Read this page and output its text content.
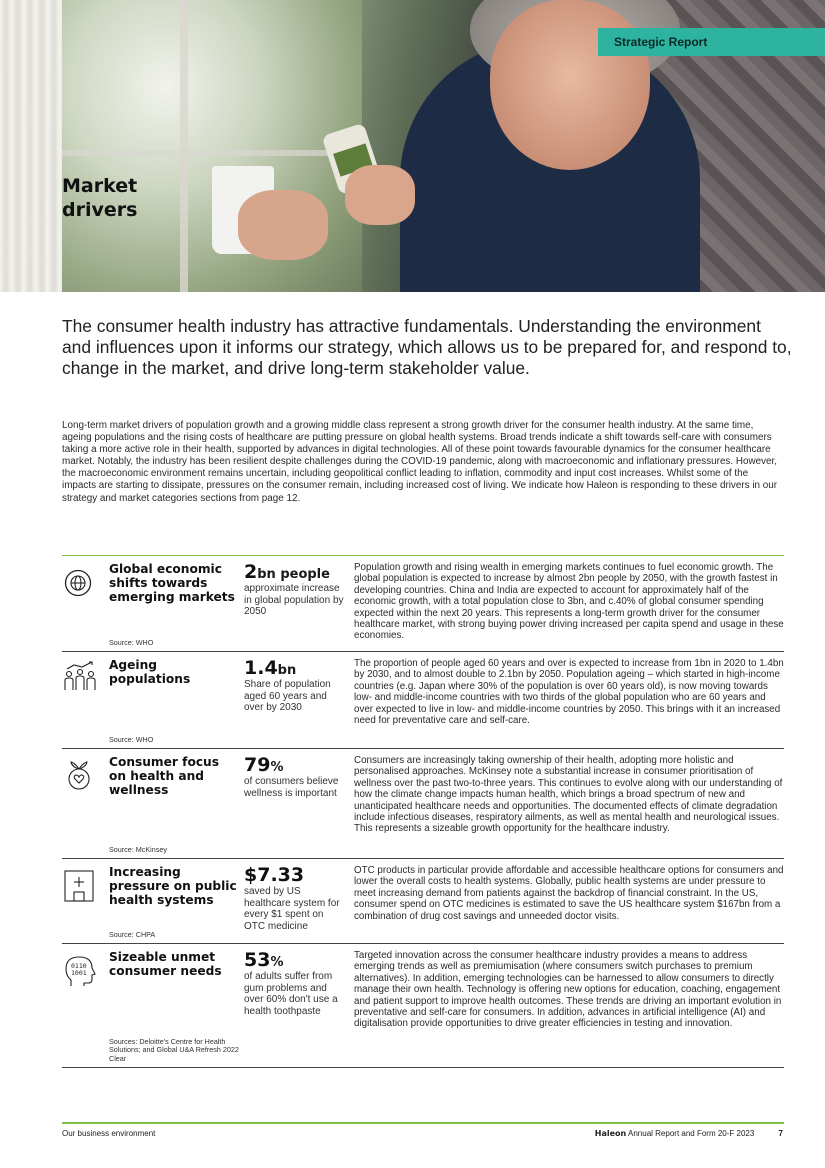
Strategic Report
Market
drivers
The consumer health industry has attractive fundamentals. Understanding the environment and influences upon it informs our strategy, which allows us to be prepared for, and respond to, change in the market, and drive long-term stakeholder value.
Long-term market drivers of population growth and a growing middle class represent a strong growth driver for the consumer health industry. At the same time, ageing populations and the rising costs of healthcare are putting pressure on global health systems. Broad trends indicate a shift towards self-care with consumers taking a more active role in their health, supported by advances in digital technologies. All of these point towards favourable dynamics for the consumer healthcare market. Notably, the industry has been resilient despite challenges during the COVID-19 pandemic, along with macroeconomic and inflationary pressures. However, the macroeconomic environment remains uncertain, including geopolitical conflict leading to inflation, commodity and input cost increases. Whilst some of the impacts are starting to dissipate, pressures on the consumer remain, including increased cost of living. We indicate how Haleon is responding to these drivers in our strategy and market categories sections from page 12.
Global economic shifts towards emerging markets
Source: WHO
2bn people
approximate increase in global population by 2050
Population growth and rising wealth in emerging markets continues to fuel economic growth. The global population is expected to increase by almost 2bn people by 2050, with the growth fastest in developing countries. China and India are expected to account for approximately half of the economic growth, with a total population close to 3bn, and c.40% of global consumer spending expected within the next 20 years. This represents a long-term growth driver for the consumer healthcare market, with strong buying power driving increased per capita spend and usage in these economies.
Ageing populations
Source: WHO
1.4bn
Share of population aged 60 years and over by 2030
The proportion of people aged 60 years and over is expected to increase from 1bn in 2020 to 1.4bn by 2030, and to almost double to 2.1bn by 2050. Population ageing – which started in high-income countries (e.g. Japan where 30% of the population is over 60 years old), is now moving towards low- and middle-income countries with two thirds of the global population who are 60 years and over expected to live in low- and middle-income countries by 2050. This brings with it an increased need for preventative care and self-care.
Consumer focus on health and wellness
Source: McKinsey
79%
of consumers believe wellness is important
Consumers are increasingly taking ownership of their health, adopting more holistic and personalised approaches. McKinsey note a substantial increase in consumer prioritisation of wellness over the past two-to-three years. This continues to evolve along with our understanding of how the climate change impacts human health, which brings a broad spectrum of new and unanticipated healthcare needs and opportunities. The documented effects of climate degradation include infectious diseases, respiratory ailments, as well as mental health and neurological issues. This represents a sizeable growth opportunity for the healthcare industry.
Increasing pressure on public health systems
Source: CHPA
$7.33
saved by US healthcare system for every $1 spent on OTC medicine
OTC products in particular provide affordable and accessible healthcare options for consumers and lower the overall costs to health systems. Globally, public health systems are under pressure to meet increasing demand from patients against the backdrop of financial constraint. In the US, consumer spend on OTC medicines is estimated to save the US healthcare system $167bn from a combination of drug cost savings and unneeded doctor visits.
0110
1001
Sizeable unmet consumer needs
Sources: Deloitte's Centre for Health Solutions; and Global U&A Refresh 2022 Clear
53%
of adults suffer from gum problems and over 60% don't use a health toothpaste
Targeted innovation across the consumer healthcare industry provides a means to address emerging trends as well as premiumisation (where consumers switch purchases to premium alternatives). In addition, emerging technologies can be harnessed to allow consumers to directly manage their own health. Technology is offering new options for education, coaching, engagement and patient support to improve health outcomes. These trends are driving an important evolution in preventative and self-care for consumers. In addition, advances in artificial intelligence (AI) and digitalisation provide opportunities to drive greater efficiencies in testing and innovation.
Our business environment	Haleon Annual Report and Form 20-F 2023	7
